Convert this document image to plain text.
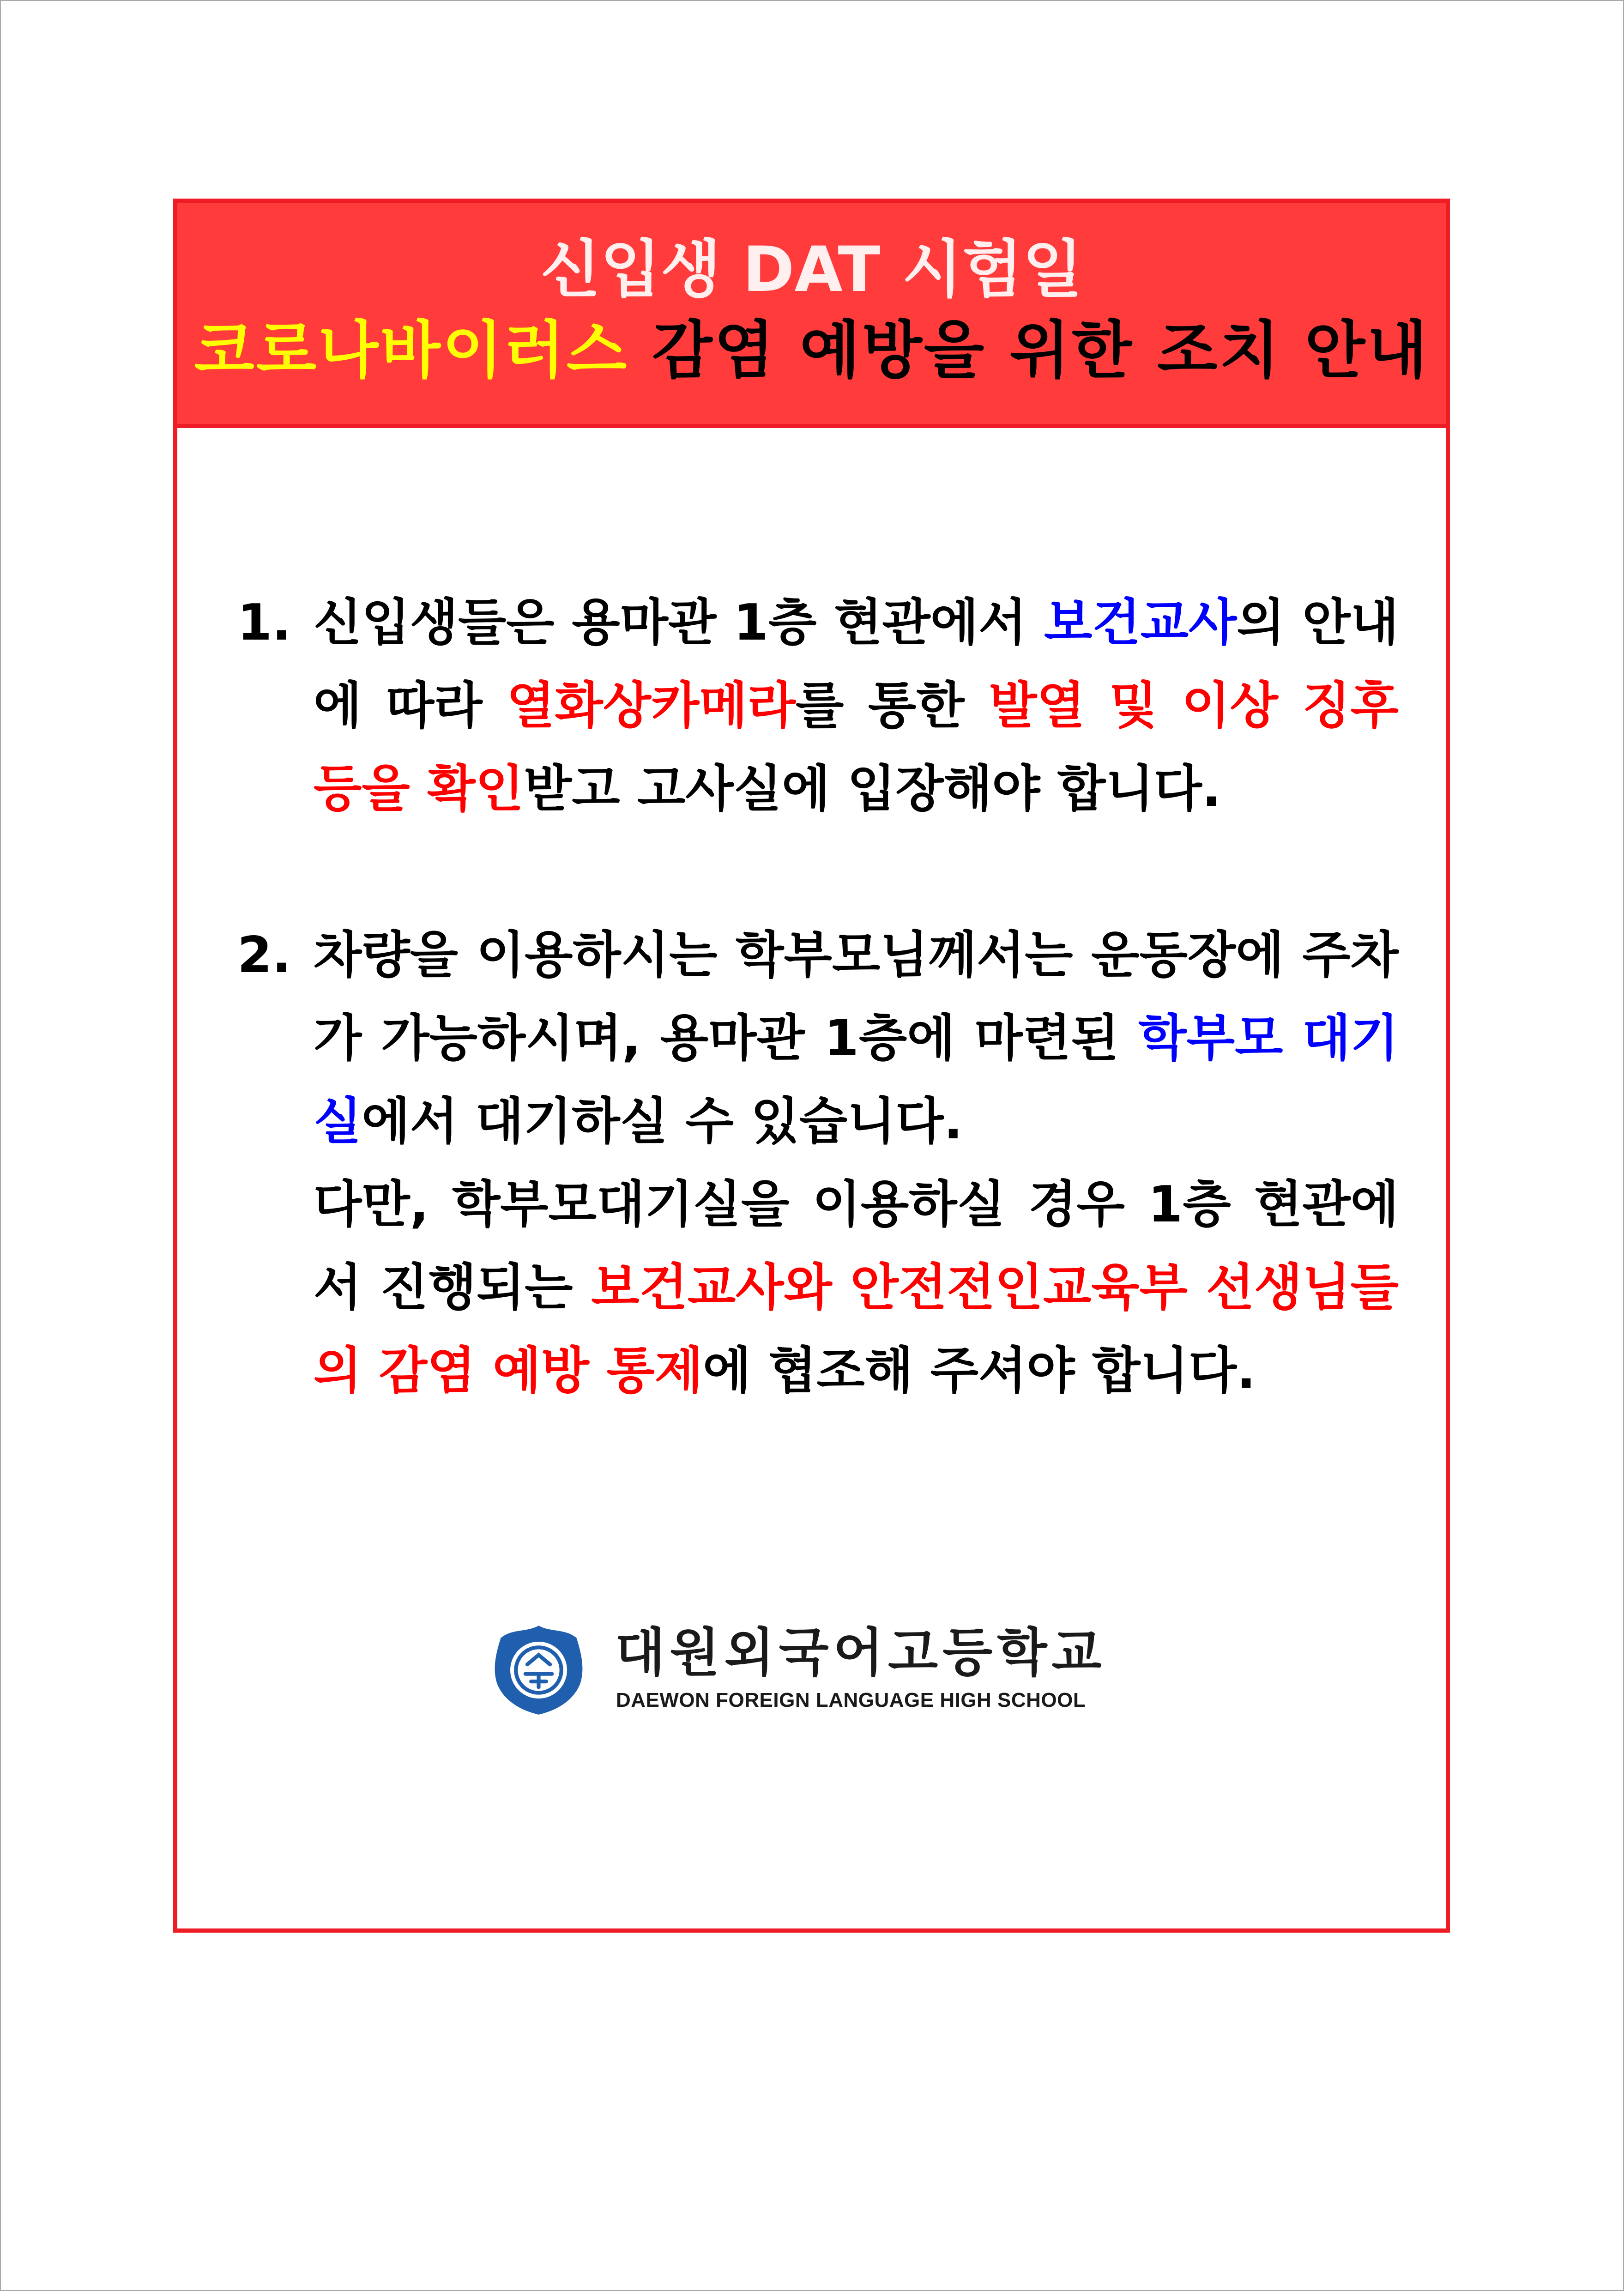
신입생 DAT 시험일
코로나바이러스 감염 예방을 위한 조치 안내
1. 신입생들은 용마관 1층 현관에서 보건교사의 안내에 따라 열화상카메라를 통한 발열 및 이상 징후 등을 확인받고 고사실에 입장해야 합니다.
2. 차량을 이용하시는 학부모님께서는 운동장에 주차가 가능하시며, 용마관 1층에 마련된 학부모 대기실에서 대기하실 수 있습니다.
다만, 학부모대기실을 이용하실 경우 1층 현관에서 진행되는 보건교사와 안전전인교육부 선생님들의 감염 예방 통제에 협조해 주셔야 합니다.
대원외국어고등학교
DAEWON FOREIGN LANGUAGE HIGH SCHOOL
